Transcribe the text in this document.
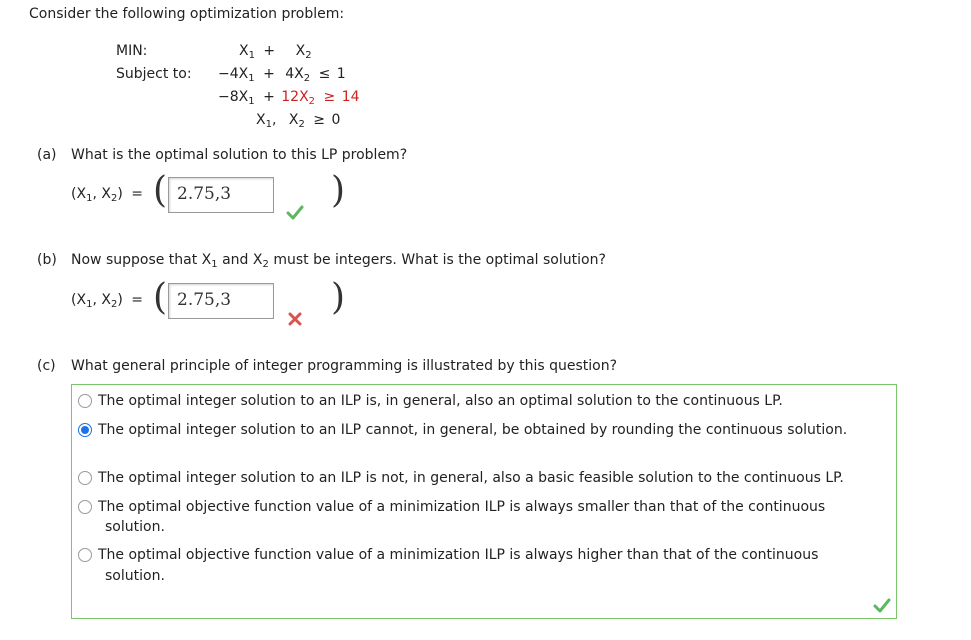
Consider the following optimization problem:
MIN:
Subject to:
$X_1 + X_2$
$-4X_1 + 4X_2 \le 1$
$-8X_1 + 12X_2 \ge 14$
$X_1$, $X_2 \ge 0$
(a) What is the optimal solution to this LP problem?
($X_1$, $X_2$) = ( 2.75,3	)
(b) Now suppose that $X_1$ and $X_2$ must be integers. What is the optimal solution?
($X_1$, $X_2$) = ( 2.75,3	)
(c) What general principle of integer programming is illustrated by this question?
The optimal integer solution to an ILP is, in general, also an optimal solution to the continuous LP.
The optimal integer solution to an ILP cannot, in general, be obtained by rounding the continuous solution.
The optimal integer solution to an ILP is not, in general, also a basic feasible solution to the continuous LP.
The optimal objective function value of a minimization ILP is always smaller than that of the continuous
solution.
The optimal objective function value of a minimization ILP is always higher than that of the continuous
solution.
